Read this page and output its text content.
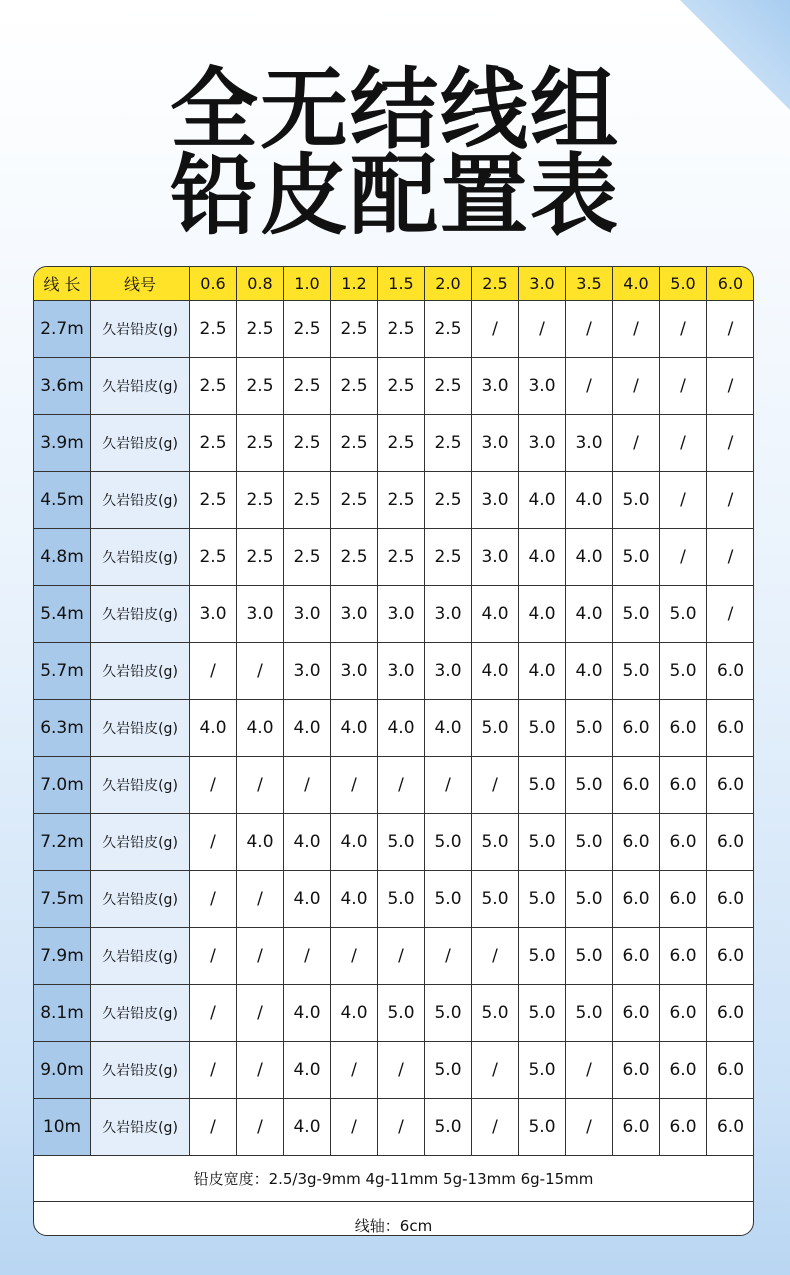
全无结线组
铅皮配置表
线 长	线号	0.6	0.8	1.0	1.2	1.5	2.0	2.5	3.0	3.5	4.0	5.0	6.0
2.7m	久岩铅皮(g)	2.5	2.5	2.5	2.5	2.5	2.5	/	/	/	/	/	/
3.6m	久岩铅皮(g)	2.5	2.5	2.5	2.5	2.5	2.5	3.0	3.0	/	/	/	/
3.9m	久岩铅皮(g)	2.5	2.5	2.5	2.5	2.5	2.5	3.0	3.0	3.0	/	/	/
4.5m	久岩铅皮(g)	2.5	2.5	2.5	2.5	2.5	2.5	3.0	4.0	4.0	5.0	/	/
4.8m	久岩铅皮(g)	2.5	2.5	2.5	2.5	2.5	2.5	3.0	4.0	4.0	5.0	/	/
5.4m	久岩铅皮(g)	3.0	3.0	3.0	3.0	3.0	3.0	4.0	4.0	4.0	5.0	5.0	/
5.7m	久岩铅皮(g)	/	/	3.0	3.0	3.0	3.0	4.0	4.0	4.0	5.0	5.0	6.0
6.3m	久岩铅皮(g)	4.0	4.0	4.0	4.0	4.0	4.0	5.0	5.0	5.0	6.0	6.0	6.0
7.0m	久岩铅皮(g)	/	/	/	/	/	/	/	5.0	5.0	6.0	6.0	6.0
7.2m	久岩铅皮(g)	/	4.0	4.0	4.0	5.0	5.0	5.0	5.0	5.0	6.0	6.0	6.0
7.5m	久岩铅皮(g)	/	/	4.0	4.0	5.0	5.0	5.0	5.0	5.0	6.0	6.0	6.0
7.9m	久岩铅皮(g)	/	/	/	/	/	/	/	5.0	5.0	6.0	6.0	6.0
8.1m	久岩铅皮(g)	/	/	4.0	4.0	5.0	5.0	5.0	5.0	5.0	6.0	6.0	6.0
9.0m	久岩铅皮(g)	/	/	4.0	/	/	5.0	/	5.0	/	6.0	6.0	6.0
10m	久岩铅皮(g)	/	/	4.0	/	/	5.0	/	5.0	/	6.0	6.0	6.0
铅皮宽度：2.5/3g-9mm 4g-11mm 5g-13mm 6g-15mm
线轴：6cm
